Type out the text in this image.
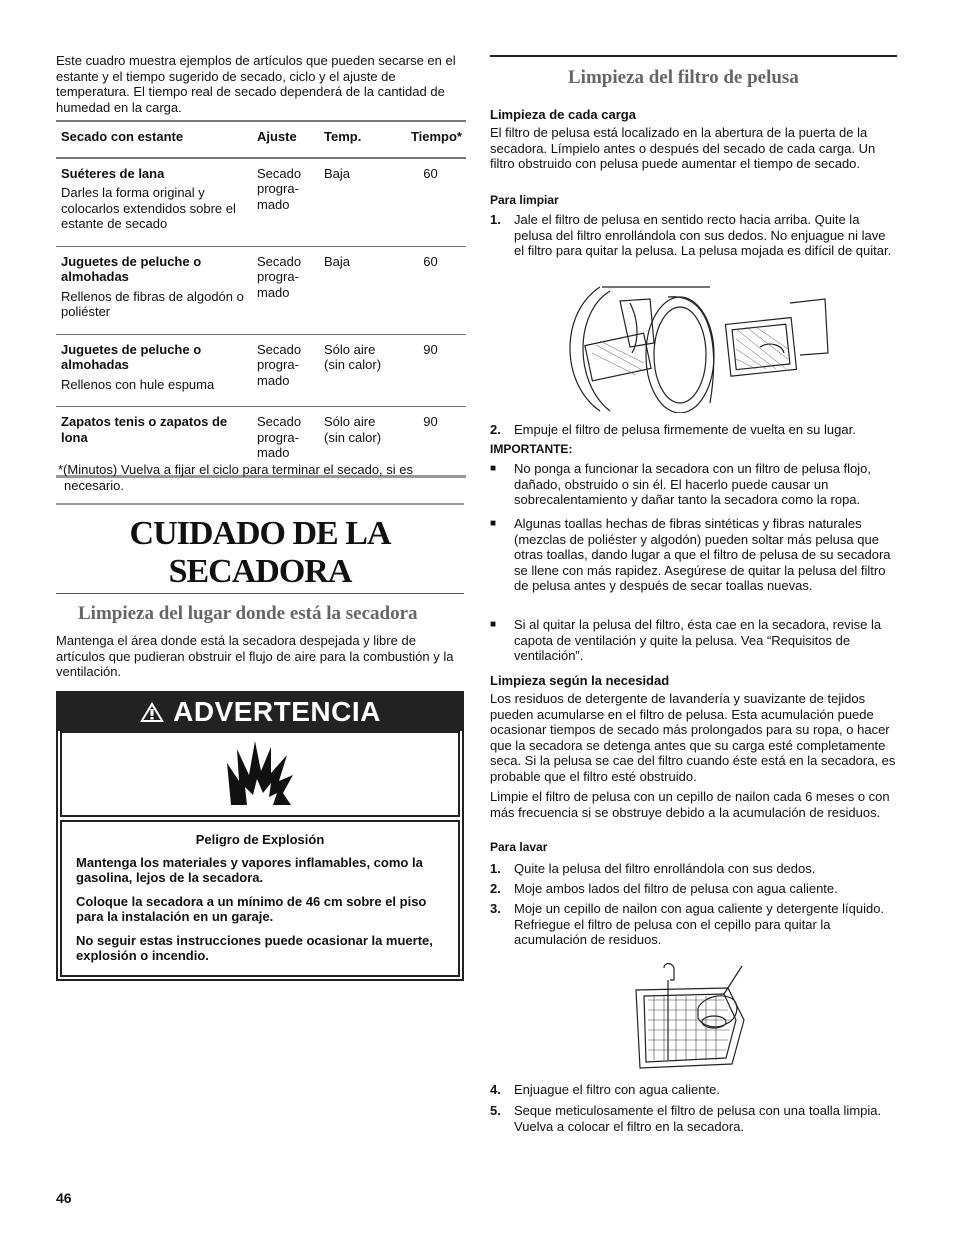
Este cuadro muestra ejemplos de artículos que pueden secarse en el estante y el tiempo sugerido de secado, ciclo y el ajuste de temperatura. El tiempo real de secado dependerá de la cantidad de humedad en la carga.

Secado con estante	Ajuste	Temp.	Tiempo*

Suéteres de lana
Darles la forma original y colocarlos extendidos sobre el estante de secado	Secado progra-mado	Baja	60

Juguetes de peluche o almohadas
Rellenos de fibras de algodón o poliéster	Secado progra-mado	Baja	60

Juguetes de peluche o almohadas
Rellenos con hule espuma	Secado progra-mado	Sólo aire (sin calor)	90

Zapatos tenis o zapatos de lona	Secado progra-mado	Sólo aire (sin calor)	90

*(Minutos) Vuelva a fijar el ciclo para terminar el secado, si es necesario.

CUIDADO DE LA SECADORA
Limpieza del lugar donde está la secadora

Mantenga el área donde está la secadora despejada y libre de artículos que pudieran obstruir el flujo de aire para la combustión y la ventilación.

ADVERTENCIA

Peligro de Explosión

Mantenga los materiales y vapores inflamables, como la gasolina, lejos de la secadora.

Coloque la secadora a un mínimo de 46 cm sobre el piso para la instalación en un garaje.

No seguir estas instrucciones puede ocasionar la muerte, explosión o incendio.

46
Limpieza del filtro de pelusa

Limpieza de cada carga

El filtro de pelusa está localizado en la abertura de la puerta de la secadora. Límpielo antes o después del secado de cada carga. Un filtro obstruido con pelusa puede aumentar el tiempo de secado.

Para limpiar

1.	Jale el filtro de pelusa en sentido recto hacia arriba. Quite la pelusa del filtro enrollándola con sus dedos. No enjuague ni lave el filtro para quitar la pelusa. La pelusa mojada es difícil de quitar.
2.	Empuje el filtro de pelusa firmemente de vuelta en su lugar.

IMPORTANTE:

■	No ponga a funcionar la secadora con un filtro de pelusa flojo, dañado, obstruido o sin él. El hacerlo puede causar un sobrecalentamiento y dañar tanto la secadora como la ropa.
■	Algunas toallas hechas de fibras sintéticas y fibras naturales (mezclas de poliéster y algodón) pueden soltar más pelusa que otras toallas, dando lugar a que el filtro de pelusa de su secadora se llene con más rapidez. Asegúrese de quitar la pelusa del filtro de pelusa antes y después de secar toallas nuevas.
■	Si al quitar la pelusa del filtro, ésta cae en la secadora, revise la capota de ventilación y quite la pelusa. Vea “Requisitos de ventilación”.

Limpieza según la necesidad

Los residuos de detergente de lavandería y suavizante de tejidos pueden acumularse en el filtro de pelusa. Esta acumulación puede ocasionar tiempos de secado más prolongados para su ropa, o hacer que la secadora se detenga antes que su carga esté completamente seca. Si la pelusa se cae del filtro cuando éste está en la secadora, es probable que el filtro esté obstruido.

Limpie el filtro de pelusa con un cepillo de nailon cada 6 meses o con más frecuencia si se obstruye debido a la acumulación de residuos.

Para lavar

1.	Quite la pelusa del filtro enrollándola con sus dedos.
2.	Moje ambos lados del filtro de pelusa con agua caliente.
3.	Moje un cepillo de nailon con agua caliente y detergente líquido. Refriegue el filtro de pelusa con el cepillo para quitar la acumulación de residuos.
4.	Enjuague el filtro con agua caliente.
5.	Seque meticulosamente el filtro de pelusa con una toalla limpia. Vuelva a colocar el filtro en la secadora.
